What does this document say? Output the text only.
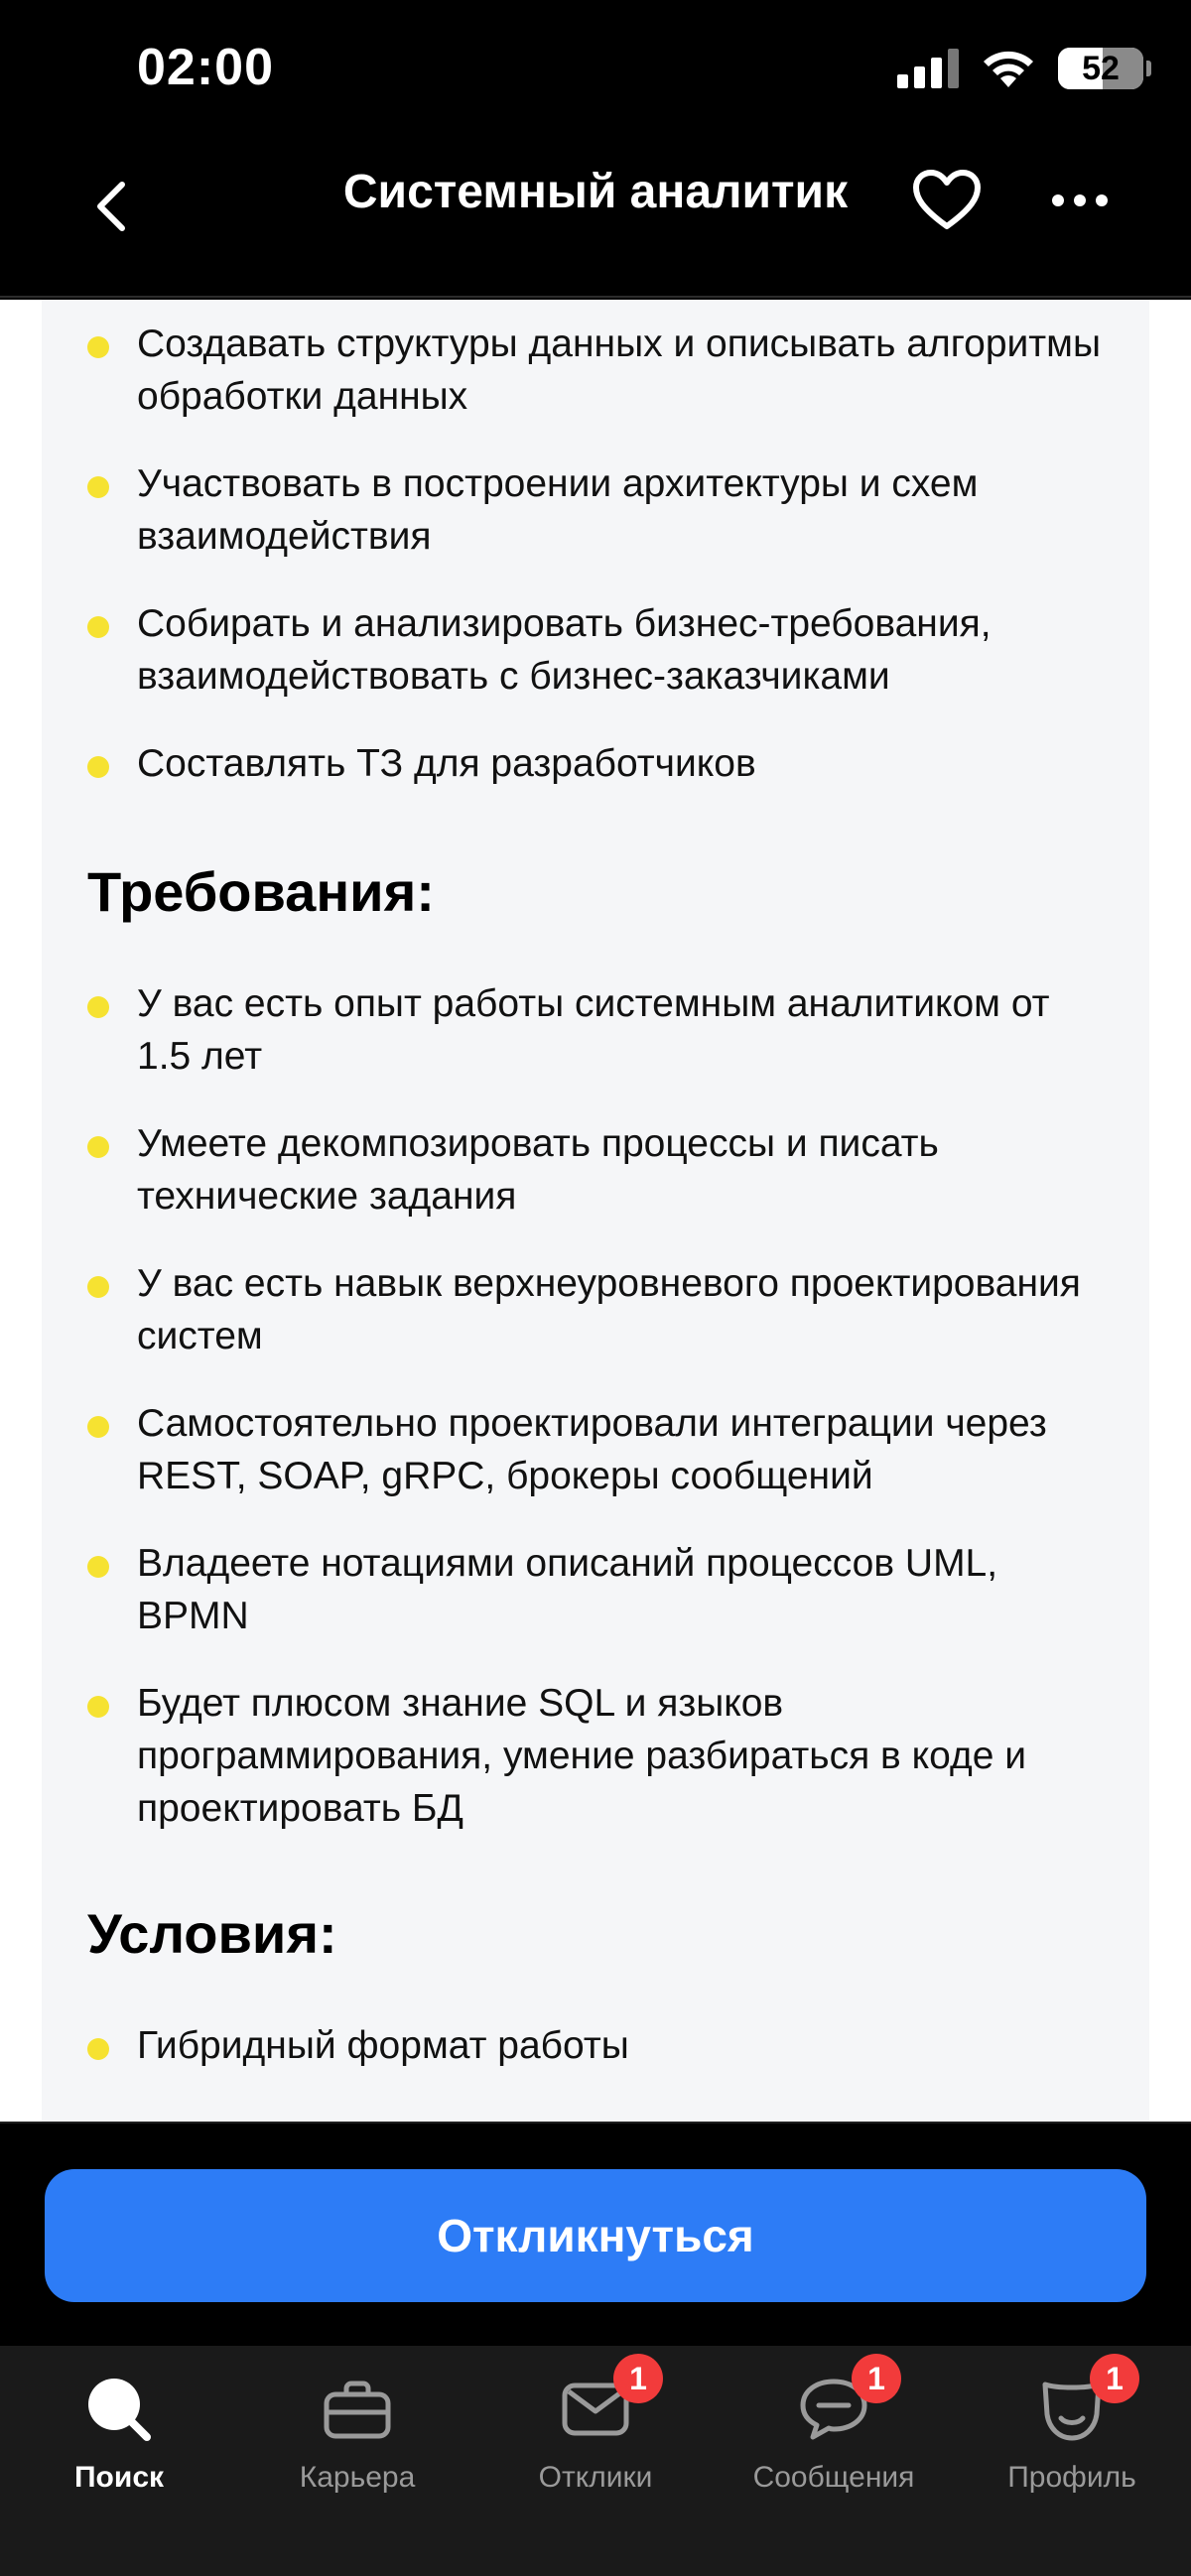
02:00	52
Системный аналитик
Создавать структуры данных и описывать алгоритмы обработки данных
Участвовать в построении архитектуры и схем взаимодействия
Собирать и анализировать бизнес-требования, взаимодействовать с бизнес-заказчиками
Составлять ТЗ для разработчиков
Требования:
У вас есть опыт работы системным аналитиком от 1.5 лет
Умеете декомпозировать процессы и писать технические задания
У вас есть навык верхнеуровневого проектирования систем
Самостоятельно проектировали интеграции через REST, SOAP, gRPC, брокеры сообщений
Владеете нотациями описаний процессов UML, BPMN
Будет плюсом знание SQL и языков программирования, умение разбираться в коде и проектировать БД
Условия:
Гибридный формат работы
Откликнуться
Поиск	Карьера
1
Отклики
1
Сообщения
1
Профиль
